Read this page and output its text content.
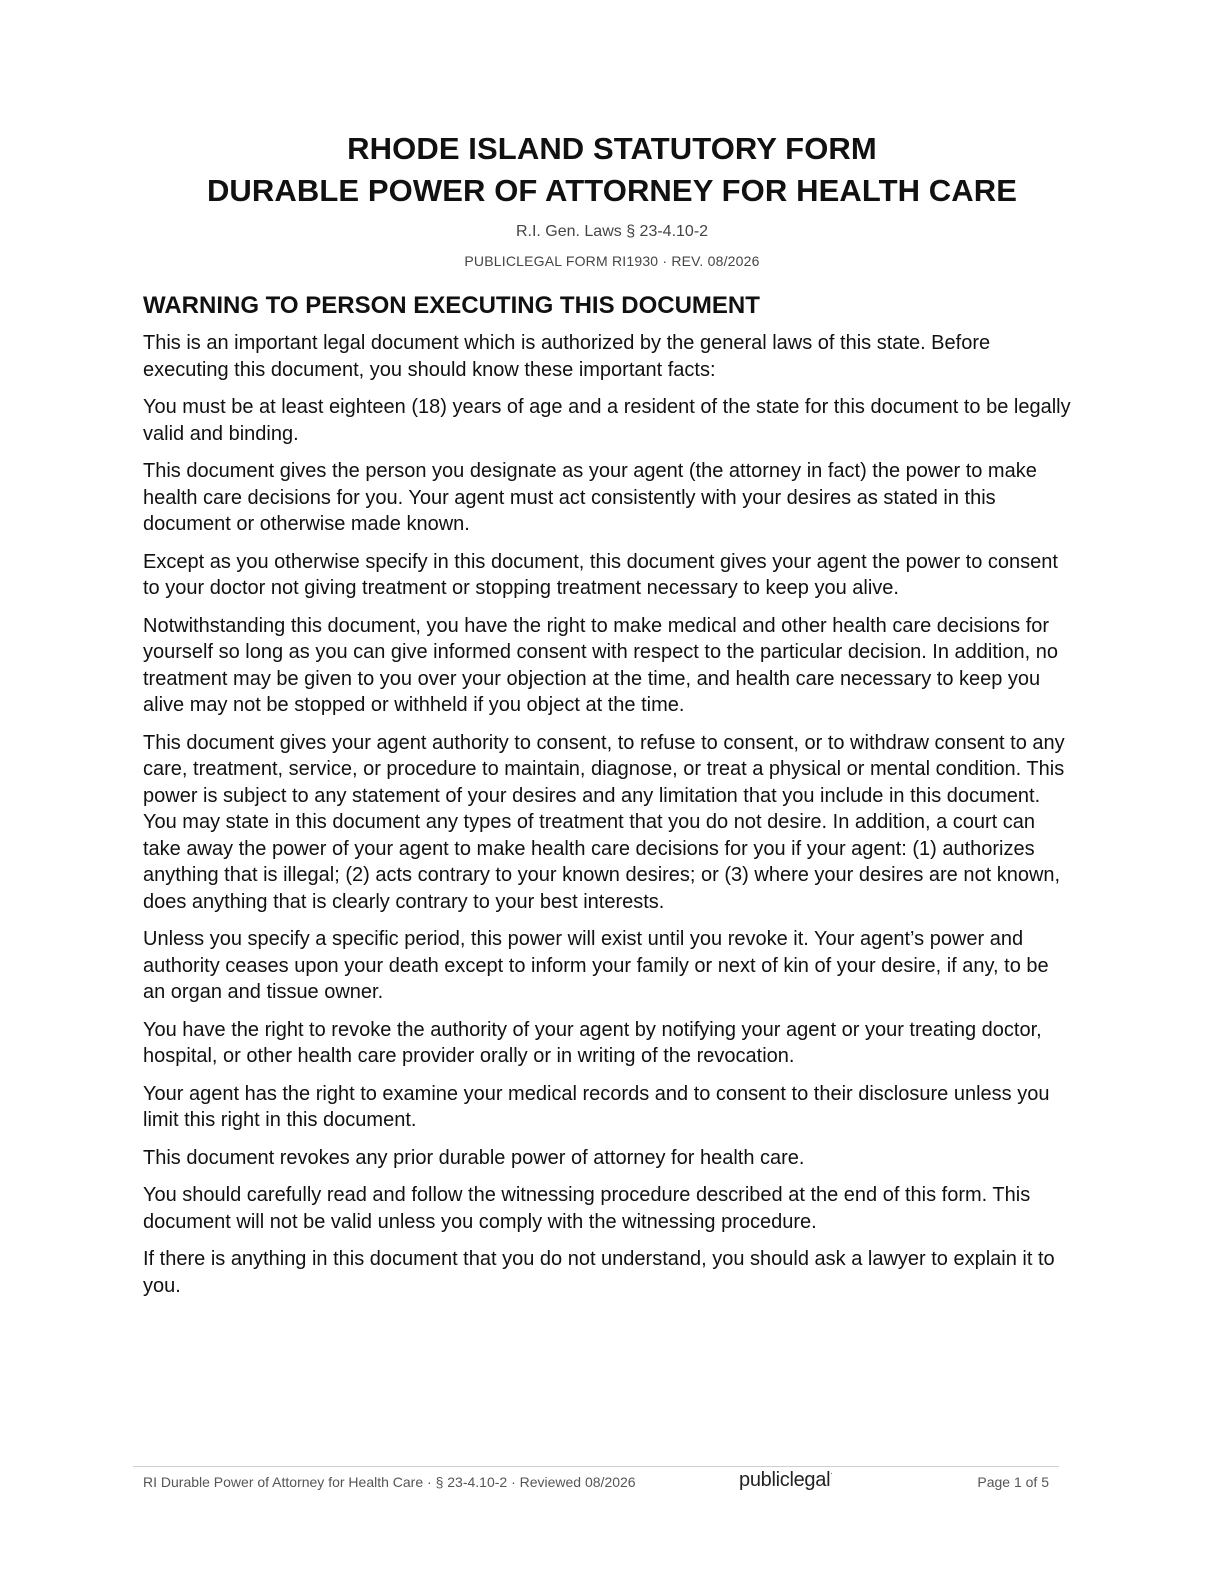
RHODE ISLAND STATUTORY FORM
DURABLE POWER OF ATTORNEY FOR HEALTH CARE
R.I. Gen. Laws § 23-4.10-2
PUBLICLEGAL FORM RI1930 · REV. 08/2026
WARNING TO PERSON EXECUTING THIS DOCUMENT

This is an important legal document which is authorized by the general laws of this state. Before executing this document, you should know these important facts:

You must be at least eighteen (18) years of age and a resident of the state for this document to be legally valid and binding.

This document gives the person you designate as your agent (the attorney in fact) the power to make health care decisions for you. Your agent must act consistently with your desires as stated in this document or otherwise made known.

Except as you otherwise specify in this document, this document gives your agent the power to consent to your doctor not giving treatment or stopping treatment necessary to keep you alive.

Notwithstanding this document, you have the right to make medical and other health care decisions for yourself so long as you can give informed consent with respect to the particular decision. In addition, no treatment may be given to you over your objection at the time, and health care necessary to keep you alive may not be stopped or withheld if you object at the time.

This document gives your agent authority to consent, to refuse to consent, or to withdraw consent to any care, treatment, service, or procedure to maintain, diagnose, or treat a physical or mental condition. This power is subject to any statement of your desires and any limitation that you include in this document. You may state in this document any types of treatment that you do not desire. In addition, a court can take away the power of your agent to make health care decisions for you if your agent: (1) authorizes anything that is illegal; (2) acts contrary to your known desires; or (3) where your desires are not known, does anything that is clearly contrary to your best interests.

Unless you specify a specific period, this power will exist until you revoke it. Your agent’s power and authority ceases upon your death except to inform your family or next of kin of your desire, if any, to be an organ and tissue owner.

You have the right to revoke the authority of your agent by notifying your agent or your treating doctor, hospital, or other health care provider orally or in writing of the revocation.

Your agent has the right to examine your medical records and to consent to their disclosure unless you limit this right in this document.

This document revokes any prior durable power of attorney for health care.

You should carefully read and follow the witnessing procedure described at the end of this form. This document will not be valid unless you comply with the witnessing procedure.

If there is anything in this document that you do not understand, you should ask a lawyer to explain it to you.

RI Durable Power of Attorney for Health Care · § 23-4.10-2 · Reviewed 08/2026	publiclegal·
Page 1 of 5
